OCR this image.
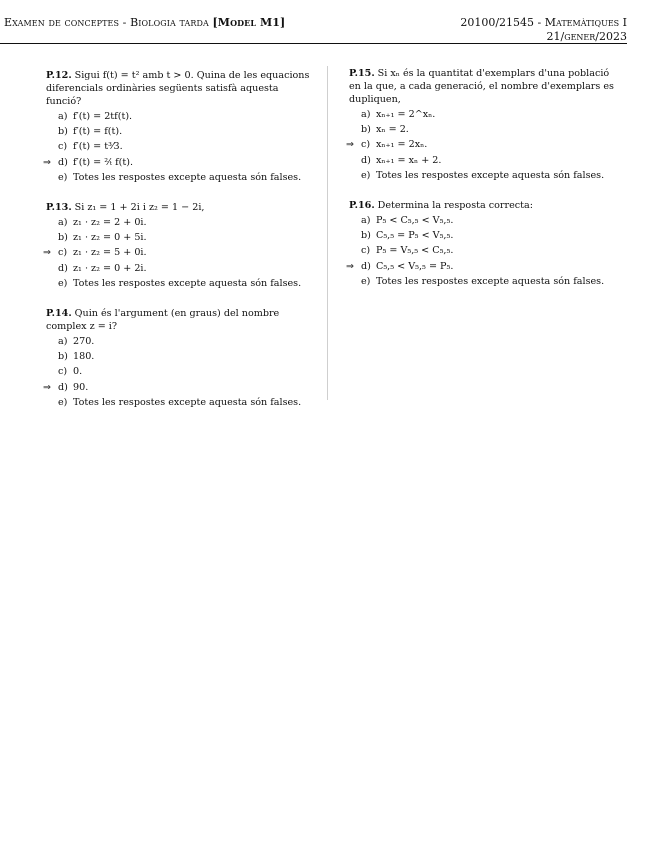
Examen de conceptes - Biologia tarda [Model M1]	20100/21545 - Matemàtiques I
21/gener/2023
P.12. Sigui f(t) = t² amb t > 0. Quina de les equacions diferencials ordinàries següents satisfà aquesta funció?
a) f′(t) = 2tf(t).
b) f′(t) = f(t).
c) f′(t) = t³⁄3.
⇒ d) f′(t) = ²⁄ₜ f(t).
e) Totes les respostes excepte aquesta són falses.
P.13. Si z₁ = 1 + 2i i z₂ = 1 − 2i,
a) z₁ · z₂ = 2 + 0i.
b) z₁ · z₂ = 0 + 5i.
⇒ c) z₁ · z₂ = 5 + 0i.
d) z₁ · z₂ = 0 + 2i.
e) Totes les respostes excepte aquesta són falses.
P.14. Quin és l'argument (en graus) del nombre complex z = i?
a) 270.
b) 180.
c) 0.
⇒ d) 90.
e) Totes les respostes excepte aquesta són falses.
P.15. Si xₙ és la quantitat d'exemplars d'una població en la que, a cada generació, el nombre d'exemplars es dupliquen,
a) xₙ₊₁ = 2^xₙ.
b) xₙ = 2.
⇒ c) xₙ₊₁ = 2xₙ.
d) xₙ₊₁ = xₙ + 2.
e) Totes les respostes excepte aquesta són falses.
P.16. Determina la resposta correcta:
a) P₅ < C₅,₅ < V₅,₅.
b) C₅,₅ = P₅ < V₅,₅.
c) P₅ = V₅,₅ < C₅,₅.
⇒ d) C₅,₅ < V₅,₅ = P₅.
e) Totes les respostes excepte aquesta són falses.
